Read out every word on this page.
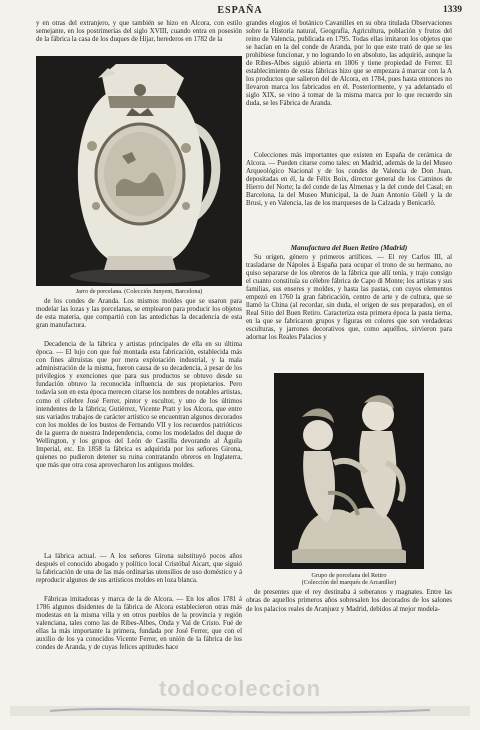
ESPAÑA	1339

y en otras del extranjero, y que también se hizo en Alcora, con estilo semejante, en los postrimerías del siglo XVIII, cuando entra en posesión de la fábrica la casa de los duques de Híjar, herederos en 1782 de la

Jarro de porcelana. (Colección Junyent, Barcelona)

de los condes de Aranda. Los mismos moldes que se usaron para modelar las lozas y las porcelanas, se emplearon para producir los objetos de esta materia, que compartió con las antedichas la decadencia de esta gran manufactura.

Decadencia de la fábrica y artistas principales de ella en su última época. — El lujo con que fué montada esta fabricación, establecida más con fines altruistas que por mera explotación industrial, y la mala administración de la misma, fueron causa de su decadencia, á pesar de los privilegios y exenciones que para sus productos se obtuvo desde su fundación obtuvo la reconocida influencia de sus propietarios. Pero todavía son en esta época merecen citarse los nombres de notables artistas, como el célebre José Ferrer, pintor y escultor, y uno de los últimos intendentes de la fábrica; Gutiérrez, Vicente Pratt y los Alcora, que entre sus variados trabajos de carácter artístico se encuentran algunos decorados con los moldes de los bustos de Fernando VII y los recuerdos patrióticos de la guerra de nuestra Independencia, como los modelados del duque de Wellington, y los grupos del León de Castilla devorando al Águila Imperial, etc. En 1858 la fábrica es adquirida por los señores Girona, quienes no pudieron detener su ruina contratando obreros en Inglaterra, que más que otra cosa aprovecharon los antiguos moldes.

La fábrica actual. — A los señores Girona substituyó pocos años después el conocido abogado y político local Cristóbal Aicart, que siguió la fabricación de una de las más ordinarias utensilios de uso doméstico y á reproducir algunos de sus artísticos moldes en loza blanca.

Fábricas imitadoras y marca de la de Alcora. — En los años 1781 á 1786 algunos disidentes de la fábrica de Alcora establecieron otras más modestas en la misma villa y en otros pueblos de la provincia y región valenciana, tales como las de Ribes-Albes, Onda y Val de Cristo. Fué de ellas la más importante la primera, fundada por José Ferrer, que con el auxilio de los ya conocidos Vicente Ferrer, en unión de la fábrica de los condes de Aranda, y de cuyas felices aptitudes hace

grandes elogios el botánico Cavanilles en su obra titulada Observaciones sobre la Historia natural, Geografía, Agricultura, población y frutos del reino de Valencia, publicada en 1795. Todas ellas imitaron los objetos que se hacían en la del conde de Aranda, por lo que este trató de que se les prohibiese funcionar, y no logrando lo en absoluto, las adquirió, aunque la de Ribes-Albes siguió abierta en 1806 y tiene propiedad de Ferrer. El establecimiento de estas fábricas hizo que se empezara á marcar con la A los productos que salieron del de Alcora, en 1784, pues hasta entonces no llevaron marca los fabricados en él. Posteriormente, y ya adelantado el siglo XIX, se vino á tomar de la misma marca por lo que recuerdo sin duda, se les Fábrica de Aranda.

Colecciones más importantes que existen en España de cerámica de Alcora. — Pueden citarse como tales: en Madrid, además de la del Museo Arqueológico Nacional y de los condes de Valencia de Don Juan, depositadas en él, la de Félix Boix, director general de los Caminos de Hierro del Norte; la del conde de las Almenas y la del conde del Casal; en Barcelona, la del Museo Municipal, la de Juan Antonio Güell y la de Brusi, y en Valencia, las de los marqueses de la Calzada y Benicarló.

Manufactura del Buen Retiro (Madrid)

Su origen, género y primeros artífices. — El rey Carlos III, al trasladarse de Nápoles á España para ocupar el trono de su hermano, no quiso separarse de los obreros de la fábrica que allí tenía, y trajo consigo el cuanto constituía su célebre fábrica de Capo di Monte; los artistas y sus familias, sus enseres y moldes, y hasta las pastas, con cuyos elementos empezó en 1760 la gran fabricación, centro de arte y de cultura, que se llamó la China (al recordar, sin duda, el origen de sus preparados), en el Real Sitio del Buen Retiro. Caracteriza esta primera época la pasta tierna, en la que se fabricaron grupos y figuras en colores que son verdaderas esculturas, y jarrones decorativos que, como aquéllos, sirvieron para adornar los Reales Palacios y

Grupo de porcelana del Retiro
(Colección del marqués de Arcaniller)

de presentes que el rey destinaba á soberanos y magnates. Entre las obras de aquellos primeros años sobresalen los decorados de los salones de los palacios reales de Aranjuez y Madrid, debidos al mejor modela-

todocoleccion
